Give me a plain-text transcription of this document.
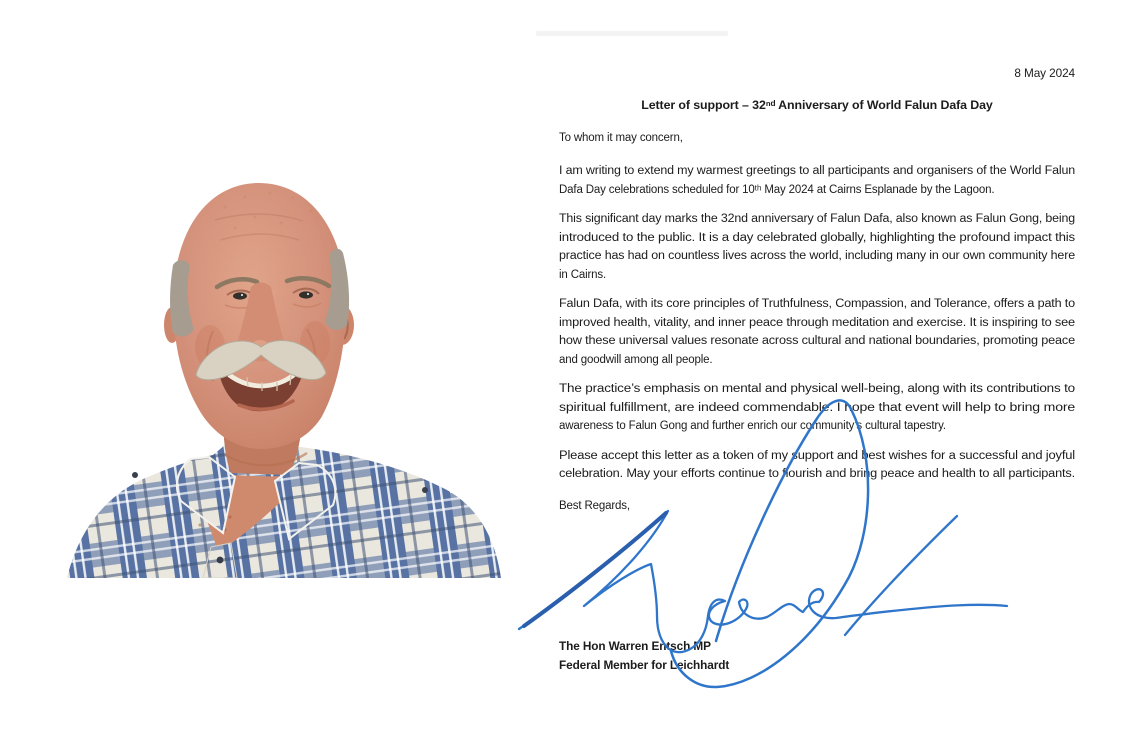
8 May 2024
Letter of support – 32ⁿᵈ Anniversary of World Falun Dafa Day
To whom it may concern,
I am writing to extend my warmest greetings to all participants and organisers of the World Falun
Dafa Day celebrations scheduled for 10ᵗʰ May 2024 at Cairns Esplanade by the Lagoon.
This significant day marks the 32nd anniversary of Falun Dafa, also known as Falun Gong, being
introduced to the public. It is a day celebrated globally, highlighting the profound impact this
practice has had on countless lives across the world, including many in our own community here
in Cairns.
Falun Dafa, with its core principles of Truthfulness, Compassion, and Tolerance, offers a path to
improved health, vitality, and inner peace through meditation and exercise. It is inspiring to see
how these universal values resonate across cultural and national boundaries, promoting peace
and goodwill among all people.
The practice’s emphasis on mental and physical well-being, along with its contributions to
spiritual fulfillment, are indeed commendable. I hope that event will help to bring more
awareness to Falun Gong and further enrich our community’s cultural tapestry.
Please accept this letter as a token of my support and best wishes for a successful and joyful
celebration. May your efforts continue to flourish and bring peace and health to all participants.
Best Regards,
The Hon Warren Entsch MP
Federal Member for Leichhardt
